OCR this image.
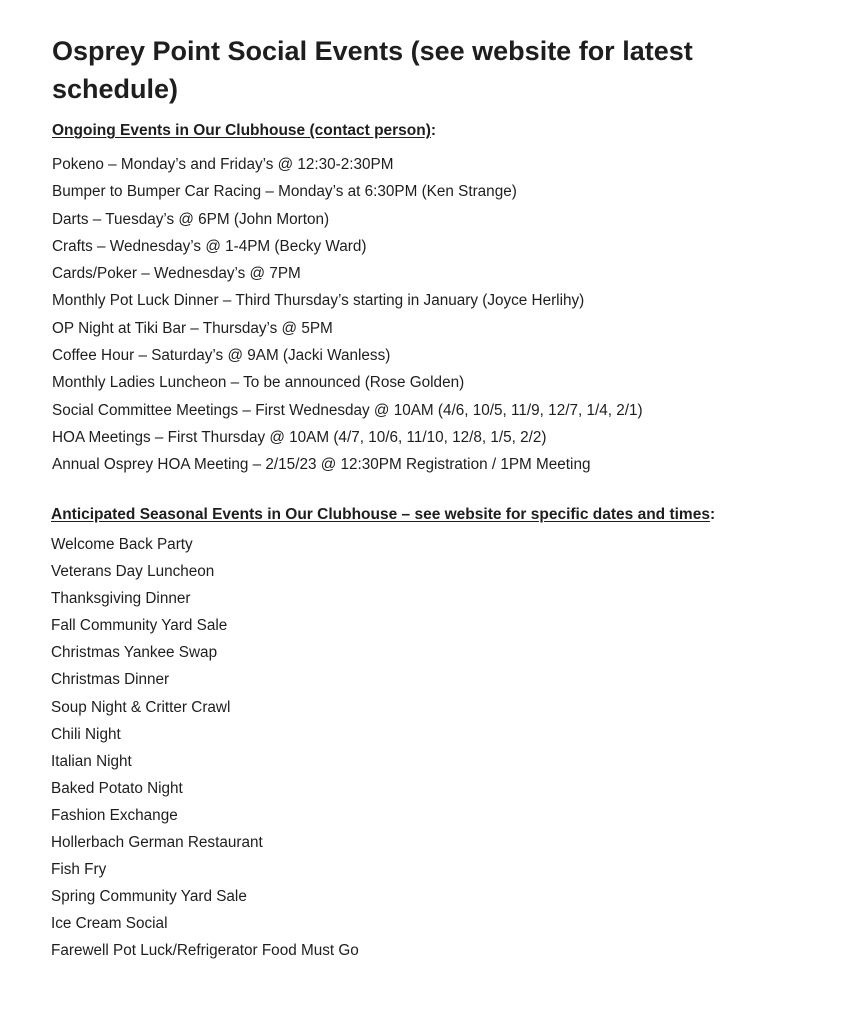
Osprey Point Social Events (see website for latest schedule)
Ongoing Events in Our Clubhouse (contact person):
Pokeno – Monday’s and Friday’s @ 12:30-2:30PM
Bumper to Bumper Car Racing – Monday’s at 6:30PM (Ken Strange)
Darts – Tuesday’s @ 6PM (John Morton)
Crafts – Wednesday’s @ 1-4PM (Becky Ward)
Cards/Poker – Wednesday’s @ 7PM
Monthly Pot Luck Dinner – Third Thursday’s starting in January (Joyce Herlihy)
OP Night at Tiki Bar – Thursday’s @ 5PM
Coffee Hour – Saturday’s @ 9AM (Jacki Wanless)
Monthly Ladies Luncheon – To be announced (Rose Golden)
Social Committee Meetings – First Wednesday @ 10AM (4/6, 10/5, 11/9, 12/7, 1/4, 2/1)
HOA Meetings – First Thursday @ 10AM (4/7, 10/6, 11/10, 12/8, 1/5, 2/2)
Annual Osprey HOA Meeting – 2/15/23 @ 12:30PM Registration / 1PM Meeting
Anticipated Seasonal Events in Our Clubhouse – see website for specific dates and times:
Welcome Back Party
Veterans Day Luncheon
Thanksgiving Dinner
Fall Community Yard Sale
Christmas Yankee Swap
Christmas Dinner
Soup Night & Critter Crawl
Chili Night
Italian Night
Baked Potato Night
Fashion Exchange
Hollerbach German Restaurant
Fish Fry
Spring Community Yard Sale
Ice Cream Social
Farewell Pot Luck/Refrigerator Food Must Go
